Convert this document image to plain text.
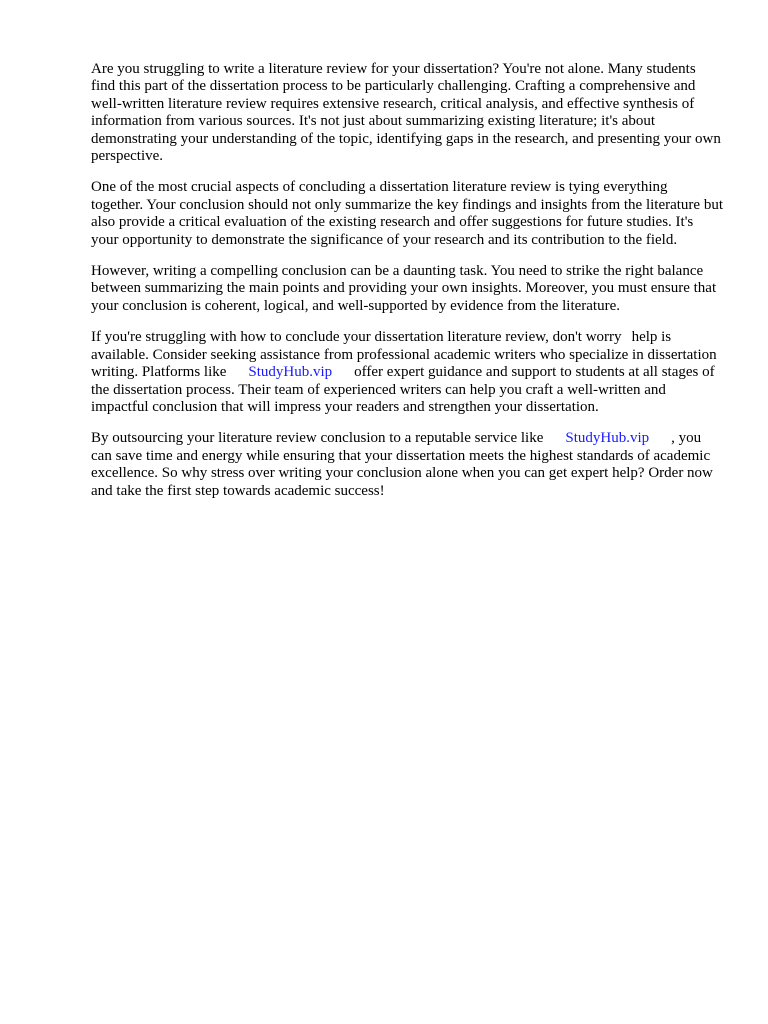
Are you struggling to write a literature review for your dissertation? You're not alone. Many students find this part of the dissertation process to be particularly challenging. Crafting a comprehensive and well-written literature review requires extensive research, critical analysis, and effective synthesis of information from various sources. It's not just about summarizing existing literature; it's about demonstrating your understanding of the topic, identifying gaps in the research, and presenting your own perspective.

One of the most crucial aspects of concluding a dissertation literature review is tying everything together. Your conclusion should not only summarize the key findings and insights from the literature but also provide a critical evaluation of the existing research and offer suggestions for future studies. It's your opportunity to demonstrate the significance of your research and its contribution to the field.

However, writing a compelling conclusion can be a daunting task. You need to strike the right balance between summarizing the main points and providing your own insights. Moreover, you must ensure that your conclusion is coherent, logical, and well-supported by evidence from the literature.

If you're struggling with how to conclude your dissertation literature review, don't worry help is available. Consider seeking assistance from professional academic writers who specialize in dissertation writing. Platforms like StudyHub.vip offer expert guidance and support to students at all stages of the dissertation process. Their team of experienced writers can help you craft a well-written and impactful conclusion that will impress your readers and strengthen your dissertation.

By outsourcing your literature review conclusion to a reputable service like StudyHub.vip , you can save time and energy while ensuring that your dissertation meets the highest standards of academic excellence. So why stress over writing your conclusion alone when you can get expert help? Order now and take the first step towards academic success!
